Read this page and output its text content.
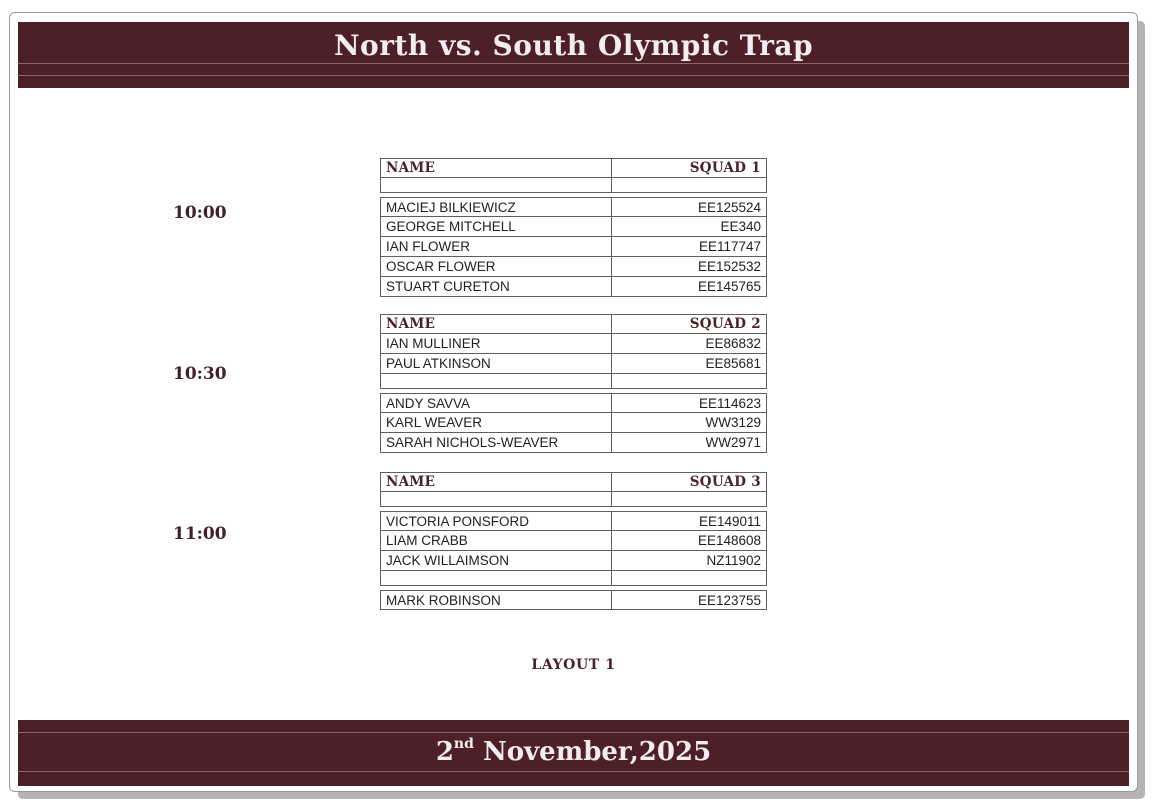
North vs. South Olympic Trap
10:00
10:30
11:00
NAME	SQUAD 1
MACIEJ BILKIEWICZ	EE125524
GEORGE MITCHELL	EE340
IAN FLOWER	EE117747
OSCAR FLOWER	EE152532
STUART CURETON	EE145765
NAME	SQUAD 2
IAN MULLINER	EE86832
PAUL ATKINSON	EE85681
ANDY SAVVA	EE114623
KARL WEAVER	WW3129
SARAH NICHOLS-WEAVER	WW2971
NAME	SQUAD 3
VICTORIA PONSFORD	EE149011
LIAM CRABB	EE148608
JACK WILLAIMSON	NZ11902
MARK ROBINSON	EE123755
LAYOUT 1
2nd November,2025
